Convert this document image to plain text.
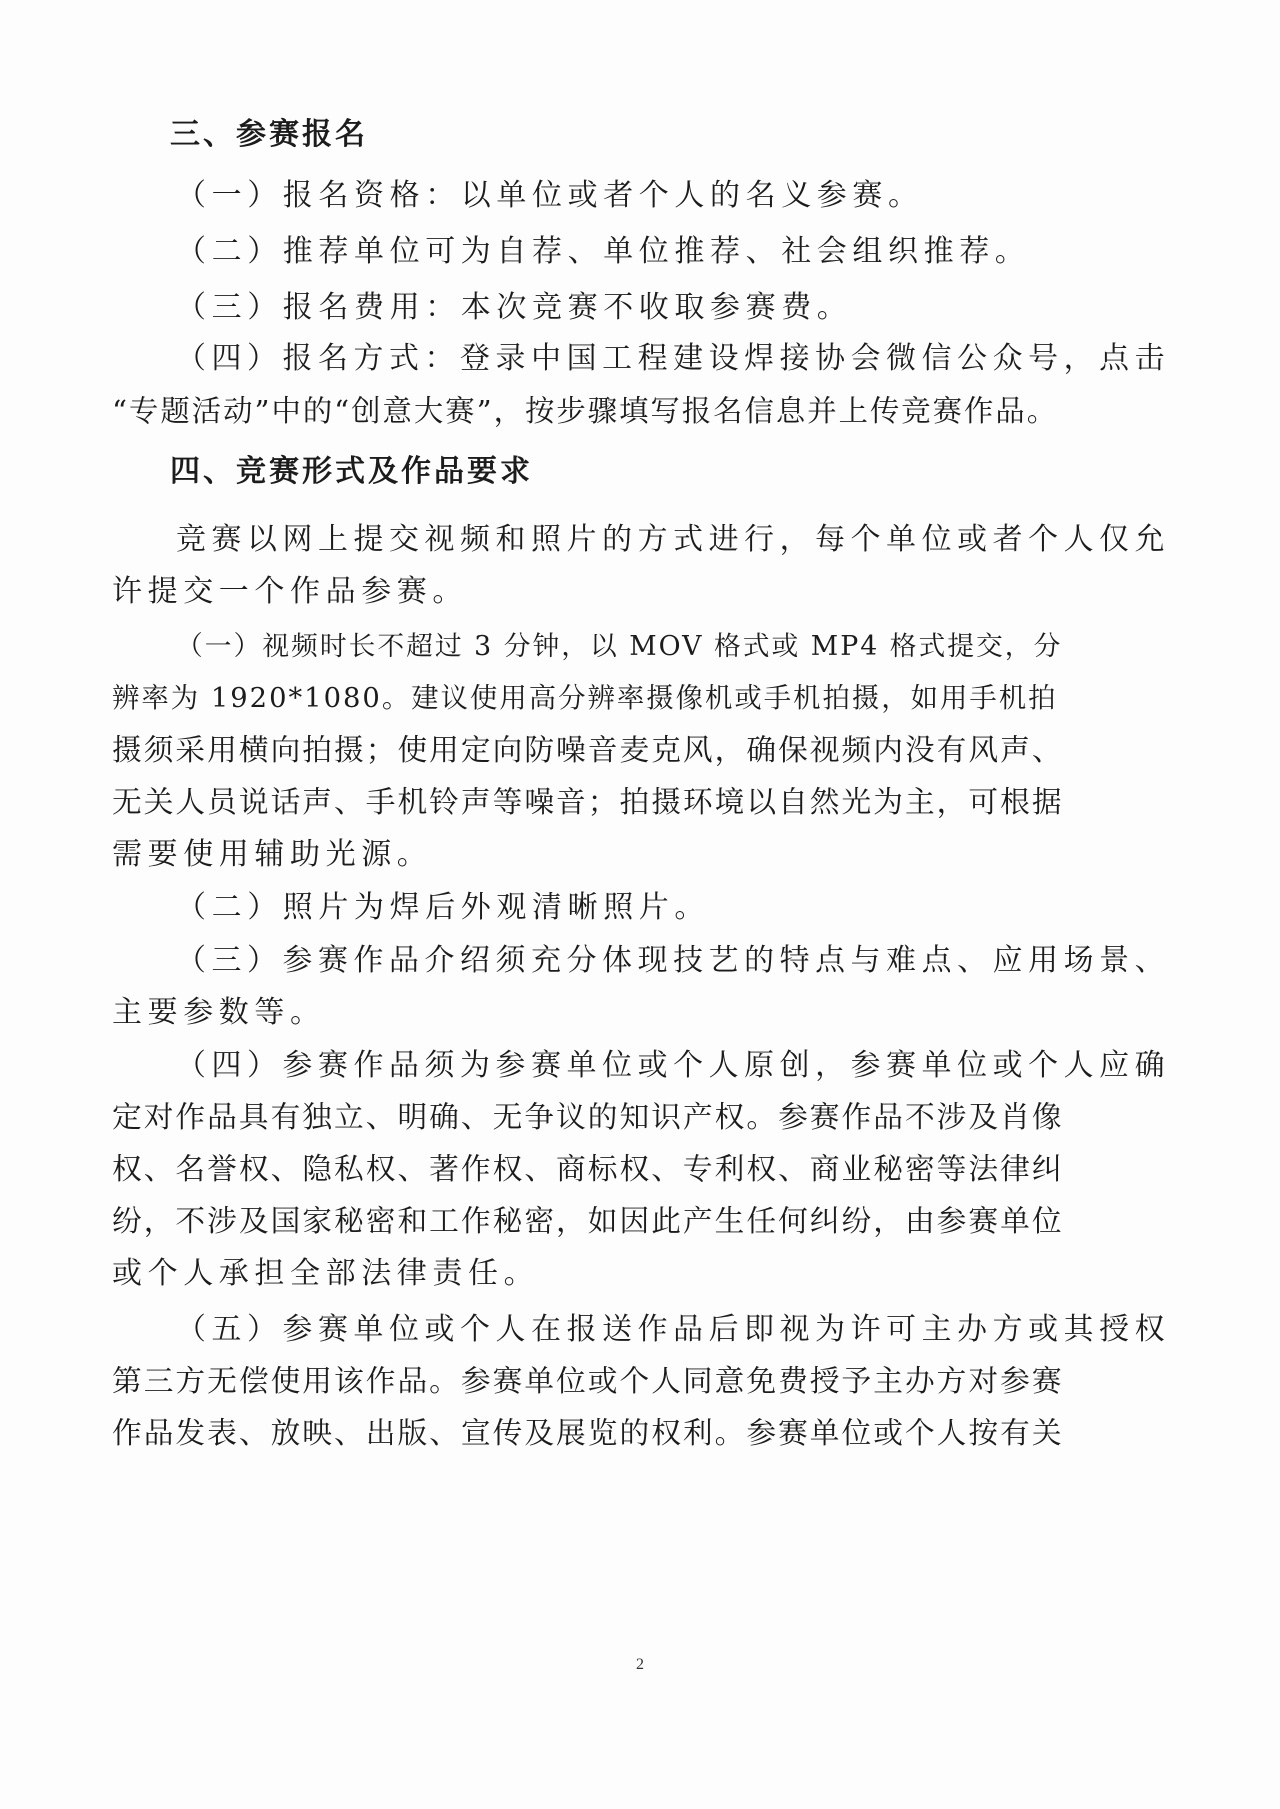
三、参赛报名
（一）报名资格：以单位或者个人的名义参赛。
（二）推荐单位可为自荐、单位推荐、社会组织推荐。
（三）报名费用：本次竞赛不收取参赛费。
（四）报名方式：登录中国工程建设焊接协会微信公众号，点击
“专题活动”中的“创意大赛”，按步骤填写报名信息并上传竞赛作品。
四、竞赛形式及作品要求
竞赛以网上提交视频和照片的方式进行，每个单位或者个人仅允
许提交一个作品参赛。
（一）视频时长不超过 3 分钟，以 MOV 格式或 MP4 格式提交，分
辨率为 1920*1080。建议使用高分辨率摄像机或手机拍摄，如用手机拍
摄须采用横向拍摄；使用定向防噪音麦克风，确保视频内没有风声、
无关人员说话声、手机铃声等噪音；拍摄环境以自然光为主，可根据
需要使用辅助光源。
（二）照片为焊后外观清晰照片。
（三）参赛作品介绍须充分体现技艺的特点与难点、应用场景、
主要参数等。
（四）参赛作品须为参赛单位或个人原创，参赛单位或个人应确
定对作品具有独立、明确、无争议的知识产权。参赛作品不涉及肖像
权、名誉权、隐私权、著作权、商标权、专利权、商业秘密等法律纠
纷，不涉及国家秘密和工作秘密，如因此产生任何纠纷，由参赛单位
或个人承担全部法律责任。
（五）参赛单位或个人在报送作品后即视为许可主办方或其授权
第三方无偿使用该作品。参赛单位或个人同意免费授予主办方对参赛
作品发表、放映、出版、宣传及展览的权利。参赛单位或个人按有关
2
